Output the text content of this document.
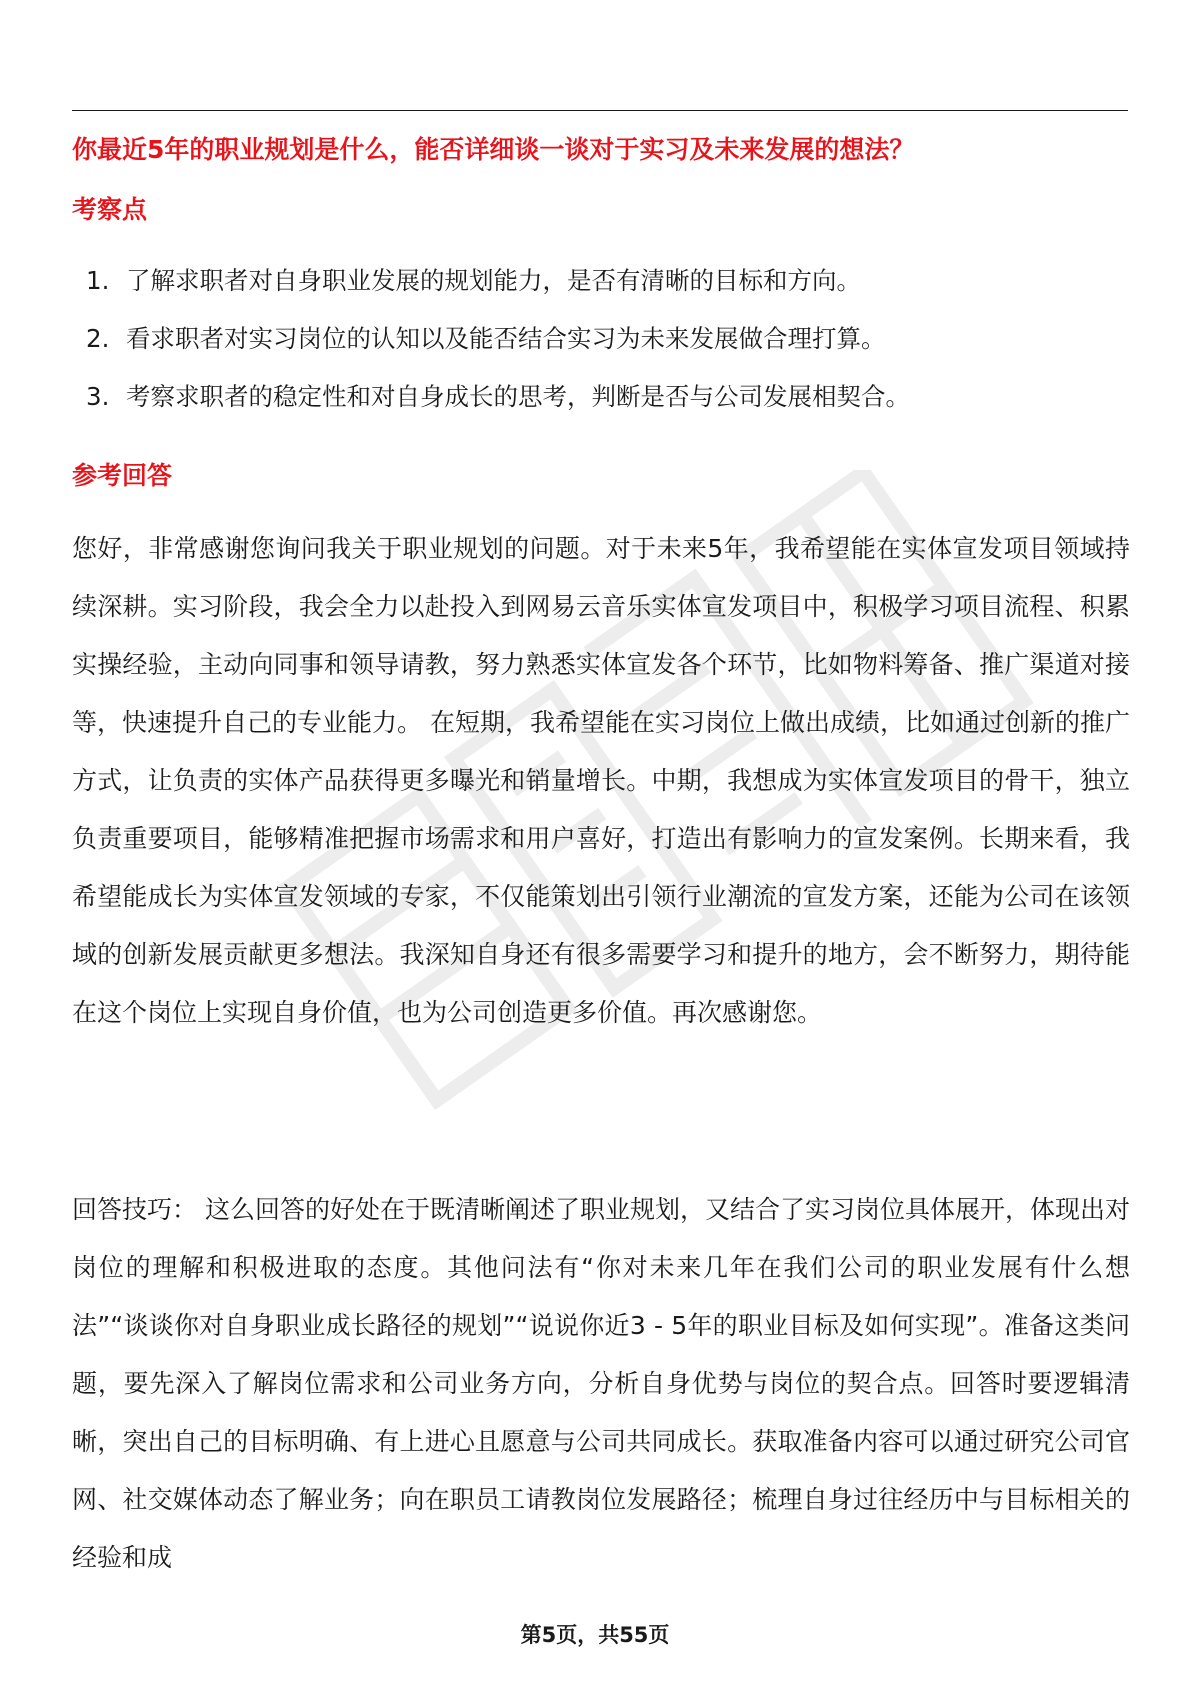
你最近5年的职业规划是什么，能否详细谈一谈对于实习及未来发展的想法？
考察点
1. 了解求职者对自身职业发展的规划能力，是否有清晰的目标和方向。
2. 看求职者对实习岗位的认知以及能否结合实习为未来发展做合理打算。
3. 考察求职者的稳定性和对自身成长的思考，判断是否与公司发展相契合。
参考回答

您好，非常感谢您询问我关于职业规划的问题。对于未来5年，我希望能在实体宣发项目领域持续深耕。实习阶段，我会全力以赴投入到网易云音乐实体宣发项目中，积极学习项目流程、积累实操经验，主动向同事和领导请教，努力熟悉实体宣发各个环节，比如物料筹备、推广渠道对接等，快速提升自己的专业能力。 在短期，我希望能在实习岗位上做出成绩，比如通过创新的推广方式，让负责的实体产品获得更多曝光和销量增长。中期，我想成为实体宣发项目的骨干，独立负责重要项目，能够精准把握市场需求和用户喜好，打造出有影响力的宣发案例。长期来看，我希望能成长为实体宣发领域的专家，不仅能策划出引领行业潮流的宣发方案，还能为公司在该领域的创新发展贡献更多想法。我深知自身还有很多需要学习和提升的地方，会不断努力，期待能在这个岗位上实现自身价值，也为公司创造更多价值。再次感谢您。

回答技巧： 这么回答的好处在于既清晰阐述了职业规划，又结合了实习岗位具体展开，体现出对岗位的理解和积极进取的态度。其他问法有“你对未来几年在我们公司的职业发展有什么想法”“谈谈你对自身职业成长路径的规划”“说说你近3 - 5年的职业目标及如何实现”。准备这类问题，要先深入了解岗位需求和公司业务方向，分析自身优势与岗位的契合点。回答时要逻辑清晰，突出自己的目标明确、有上进心且愿意与公司共同成长。获取准备内容可以通过研究公司官网、社交媒体动态了解业务；向在职员工请教岗位发展路径；梳理自身过往经历中与目标相关的经验和成

第5页，共55页
